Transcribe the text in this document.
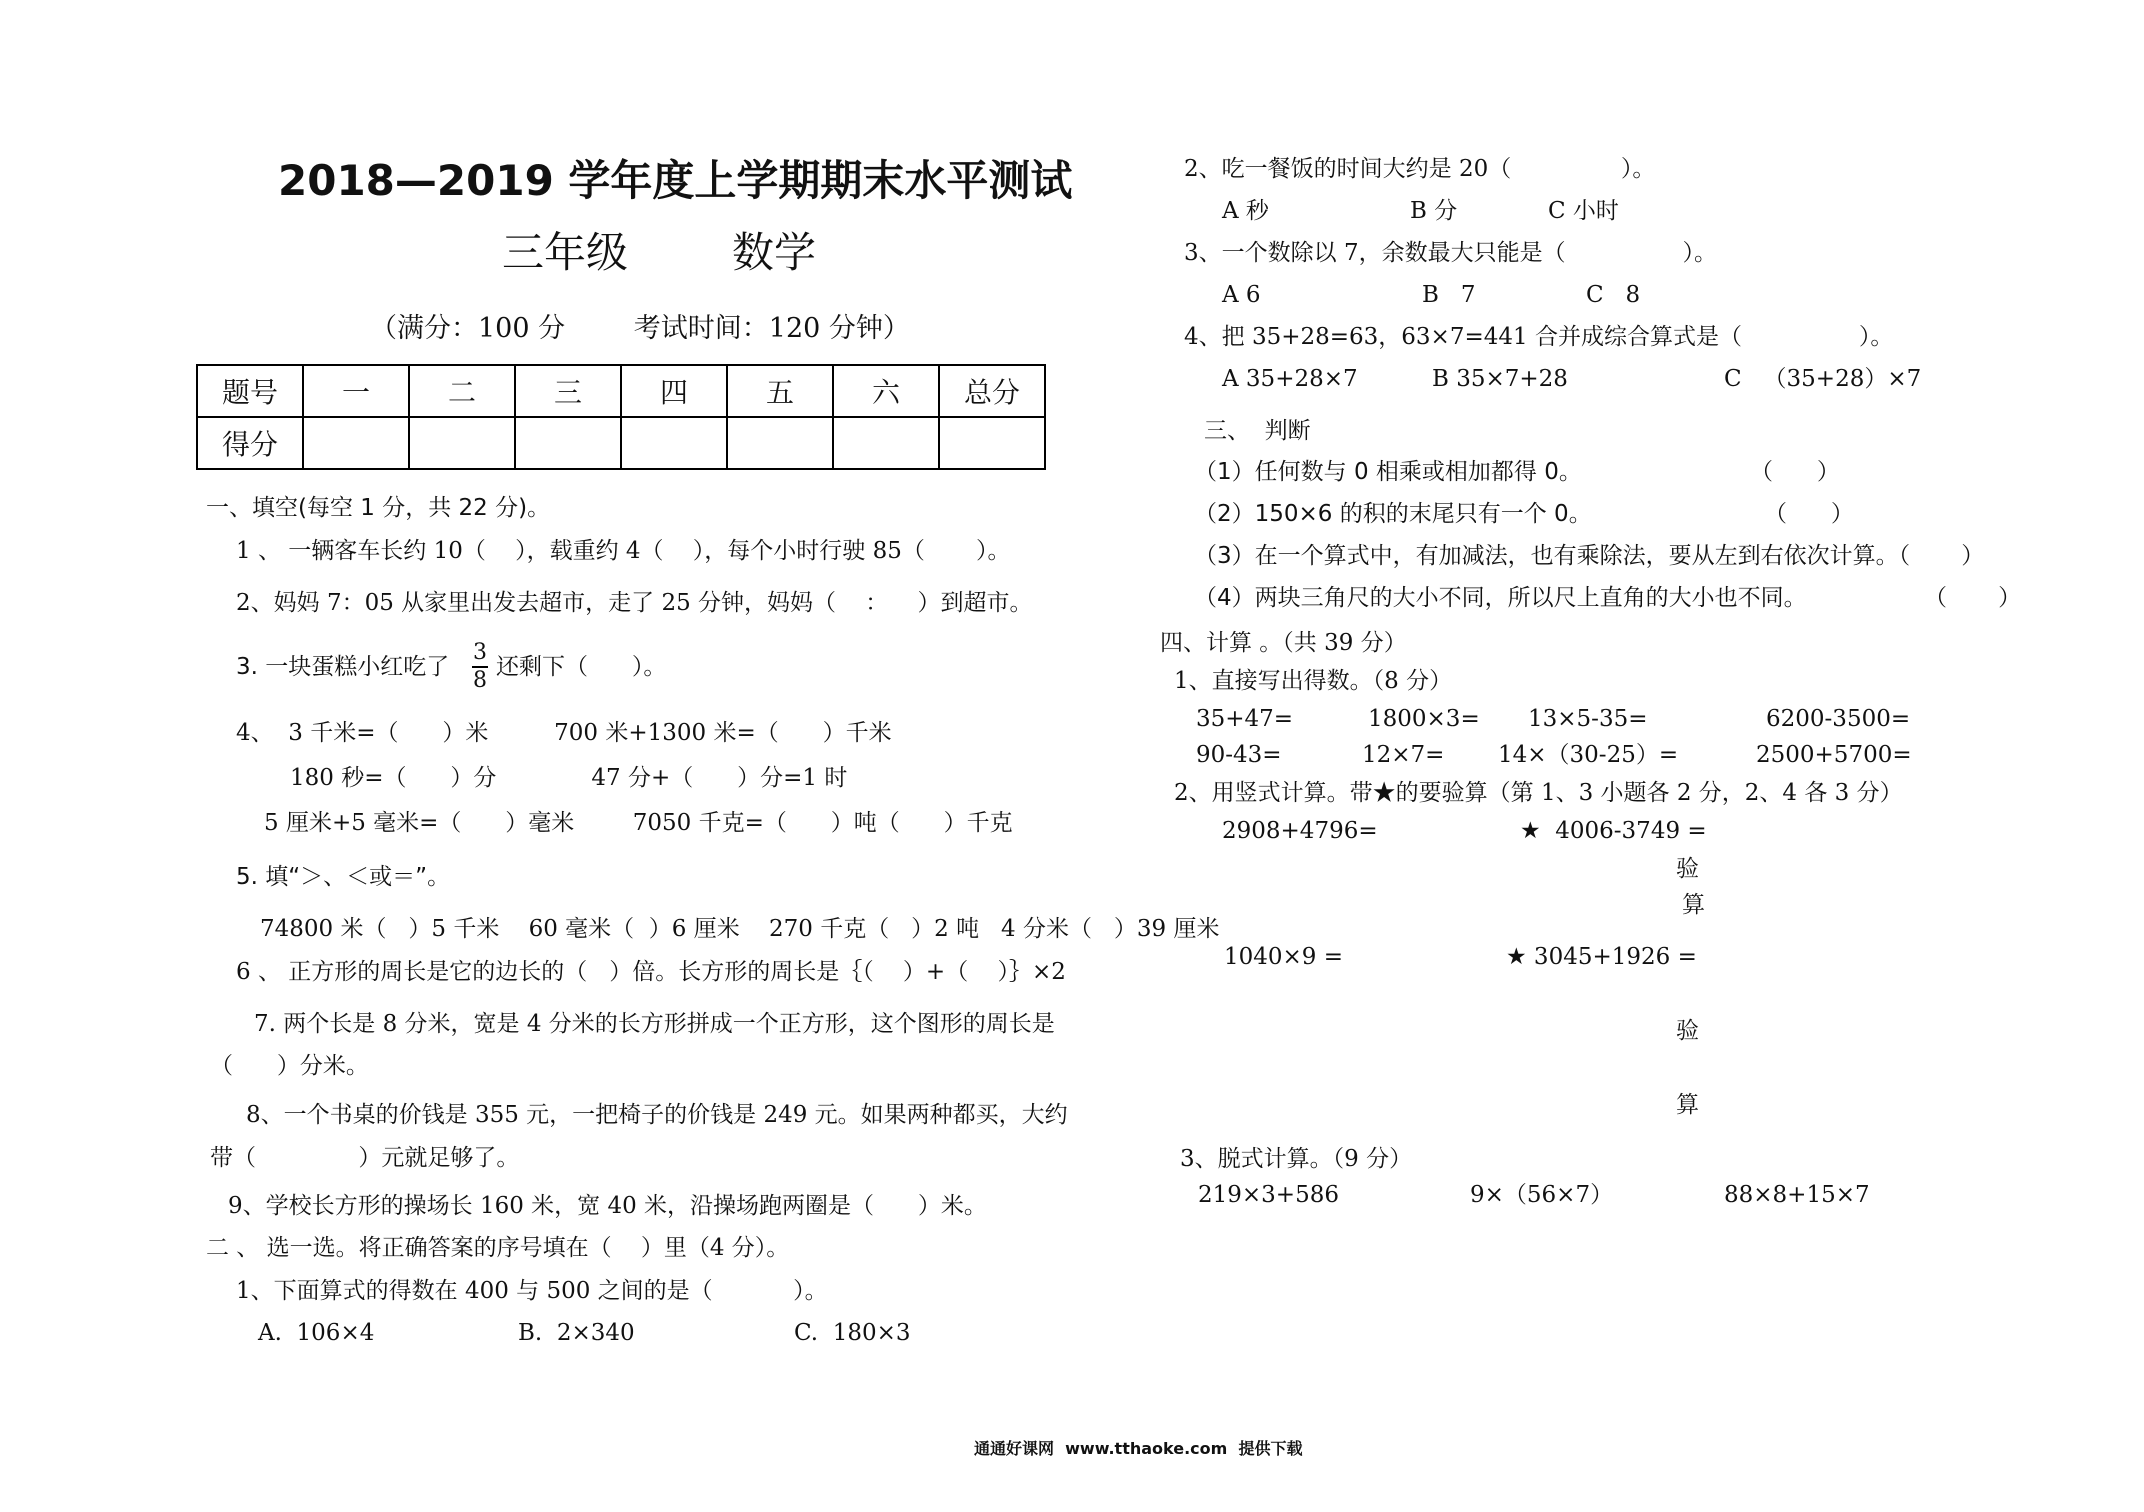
2018—2019 学年度上学期期末水平测试
三年级 数学
（满分：100 分        考试时间：120 分钟）
题号	一	二	三	四	五	六	总分
得分							
一、填空(每空 1 分，共 22 分)。
1 、 一辆客车长约 10（    ），载重约 4（    ），每个小时行驶 85（       ）。
2、妈妈 7：05 从家里出发去超市，走了 25 分钟，妈妈（    ：    ）到超市。
3. 一块蛋糕小红吃了
3
8
还剩下（      ）。
4、  3 千米=（      ）米         700 米+1300 米=（      ）千米
180 秒=（      ）分             47 分+（      ）分=1 时
5 厘米+5 毫米=（      ）毫米        7050 千克=（      ）吨（      ）千克
5. 填“＞、＜或＝”。
74800 米（   ）5 千米    60 毫米（  ）6 厘米    270 千克（   ）2 吨   4 分米（   ）39 厘米
6 、 正方形的周长是它的边长的（   ）倍。长方形的周长是｛（    ）+（    ）｝×2
7. 两个长是 8 分米，宽是 4 分米的长方形拼成一个正方形，这个图形的周长是
（      ）分米。
8、一个书桌的价钱是 355 元，一把椅子的价钱是 249 元。如果两种都买，大约
带（              ）元就足够了。
9、学校长方形的操场长 160 米，宽 40 米，沿操场跑两圈是（      ）米。
二 、 选一选。将正确答案的序号填在（    ）里（4 分）。
1、下面算式的得数在 400 与 500 之间的是（           ）。
A.  106×4	B.  2×340	C.  180×3
2、吃一餐饭的时间大约是 20（               ）。
A 秒	B 分	C 小时
3、一个数除以 7，余数最大只能是（                ）。
A 6	B   7	C   8
4、把 35+28=63，63×7=441 合并成综合算式是（                ）。
A 35+28×7	B 35×7+28	C   （35+28）×7
三、  判断
（1）任何数与 0 相乘或相加都得 0。	（      ）
（2）150×6 的积的末尾只有一个 0。	（      ）
（3）在一个算式中，有加减法，也有乘除法，要从左到右依次计算。（       ）
（4）两块三角尺的大小不同，所以尺上直角的大小也不同。	（       ）
四、计算 。（共 39 分）
1、直接写出得数。（8 分）
35+47=	1800×3= 13×5-35=	6200-3500=
90-43=	12×7= 14×（30-25）=	2500+5700=
2、用竖式计算。带★的要验算（第 1、3 小题各 2 分，2、4 各 3 分）
2908+4796=	★  4006-3749 =
验
算
1040×9 =	★ 3045+1926 =
验
算
3、脱式计算。（9 分）
219×3+586	9×（56×7）	88×8+15×7
通通好课网  www.tthaoke.com  提供下载
